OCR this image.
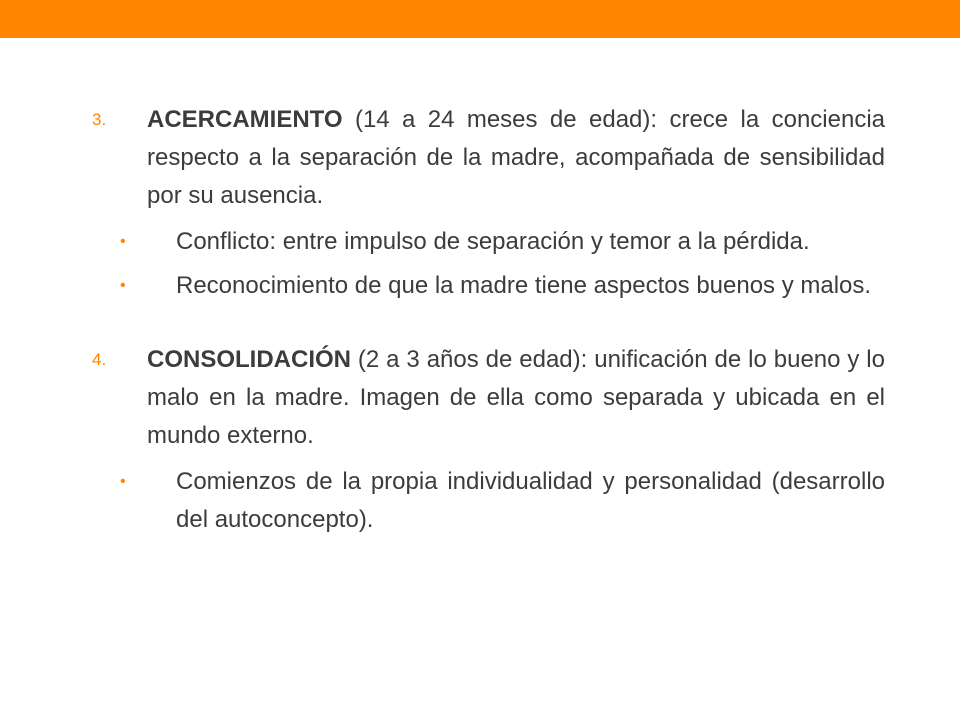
3. ACERCAMIENTO (14 a 24 meses de edad): crece la conciencia respecto a la separación de la madre, acompañada de sensibilidad por su ausencia.
• Conflicto: entre impulso de separación y temor a la pérdida.
• Reconocimiento de que la madre tiene aspectos buenos y malos.
4. CONSOLIDACIÓN (2 a 3 años de edad): unificación de lo bueno y lo malo en la madre. Imagen de ella como separada y ubicada en el mundo externo.
• Comienzos de la propia individualidad y personalidad (desarrollo del autoconcepto).
